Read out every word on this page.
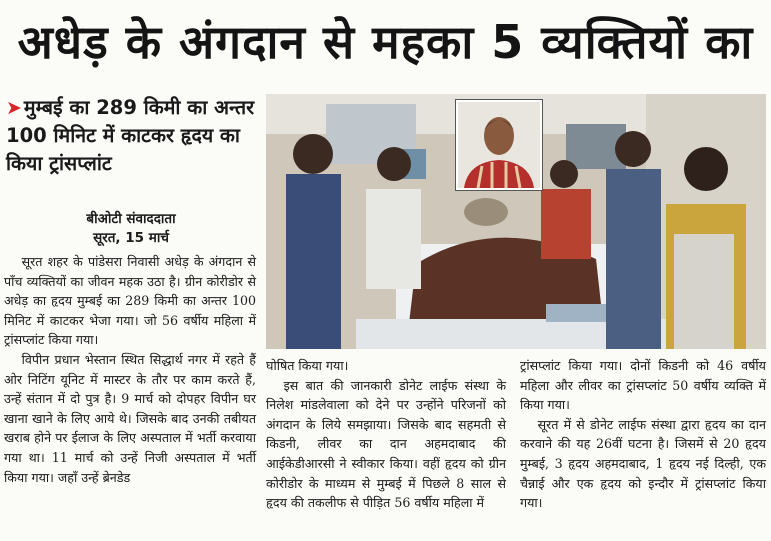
अधेड़ के अंगदान से महका 5 व्यक्तियों का
➤ मुम्बई का 289 किमी का अन्तर 100 मिनिट में काटकर हृदय का किया ट्रांसप्लांट
बीओटी संवाददाता
सूरत, 15 मार्च

सूरत शहर के पांडेसरा निवासी अधेड़ के अंगदान से पाँच व्यक्तियों का जीवन महक उठा है। ग्रीन कोरीडोर से अधेड़ का हृदय मुम्बई का 289 किमी का अन्तर 100 मिनिट में काटकर भेजा गया। जो 56 वर्षीय महिला में ट्रांसप्लांट किया गया।

विपीन प्रधान भेस्तान स्थित सिद्धार्थ नगर में रहते हैं ओर निटिंग यूनिट में मास्टर के तौर पर काम करते हैं, उन्हें संतान में दो पुत्र है। 9 मार्च को दोपहर विपीन घर खाना खाने के लिए आये थे। जिसके बाद उनकी तबीयत खराब होने पर ईलाज के लिए अस्पताल में भर्ती करवाया गया था। 11 मार्च को उन्हें निजी अस्पताल में भर्ती किया गया। जहाँ उन्हें ब्रेनडेड

घोषित किया गया।

इस बात की जानकारी डोनेट लाईफ संस्था के निलेश मांडलेवाला को देने पर उन्होंने परिजनों को अंगदान के लिये समझाया। जिसके बाद सहमती से किडनी, लीवर का दान अहमदाबाद की आईकेडीआरसी ने स्वीकार किया। वहीं हृदय को ग्रीन कोरीडोर के माध्यम से मुम्बई में पिछले 8 साल से हृदय की तकलीफ से पीड़ित 56 वर्षीय महिला में

ट्रांसप्लांट किया गया। दोनों किडनी को 46 वर्षीय महिला और लीवर का ट्रांसप्लांट 50 वर्षीय व्यक्ति में किया गया।

सूरत में से डोनेट लाईफ संस्था द्वारा हृदय का दान करवाने की यह 26वीं घटना है। जिसमें से 20 हृदय मुम्बई, 3 हृदय अहमदाबाद, 1 हृदय नई दिल्ही, एक चैन्नाई और एक हृदय को इन्दौर में ट्रांसप्लांट किया गया।
